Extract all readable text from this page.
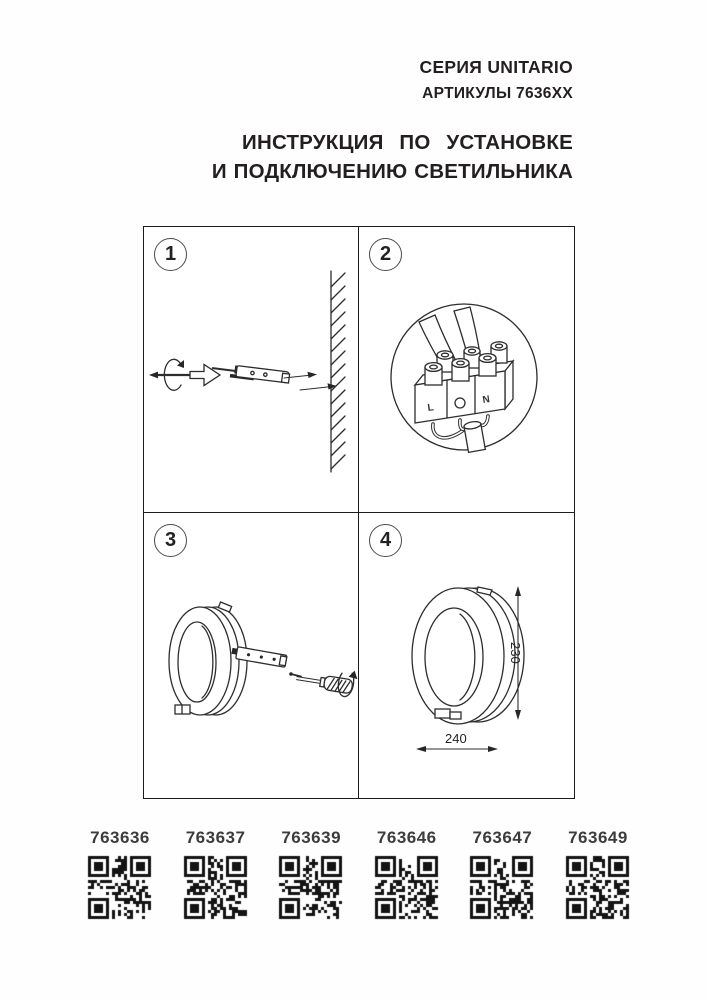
СЕРИЯ UNITARIO
АРТИКУЛЫ 7636XX
ИНСТРУКЦИЯ ПО УСТАНОВКЕ
И ПОДКЛЮЧЕНИЮ СВЕТИЛЬНИКА
1	2
L
N
3	4
230
240
763636 763637 763639 763646 763647 763649
